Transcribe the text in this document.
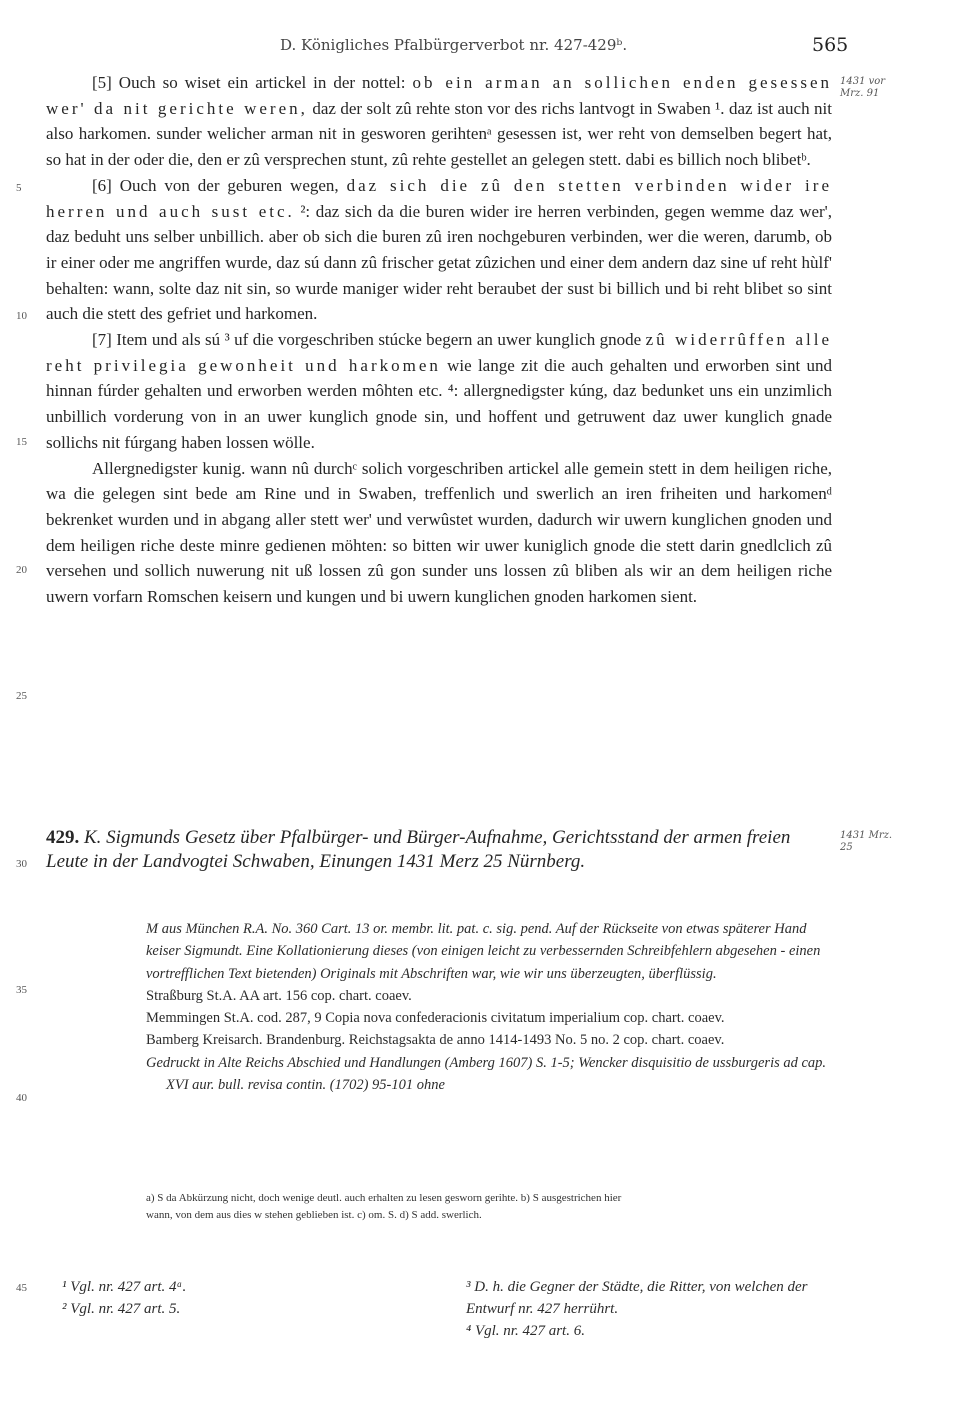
D. Königliches Pfalbürgerverbot nr. 427-429ᵇ.	565
1431 vor Mrz. 91
1431 Mrz. 25
5
10
15
20
25
30
35
40
45

[5] Ouch so wiset ein artickel in der nottel: ob ein arman an sollichen enden gesessen wer' da nit gerichte weren, daz der solt zû rehte ston vor des richs lantvogt in Swaben ¹. daz ist auch nit also harkomen. sunder welicher arman nit in gesworen gerihtenᵃ gesessen ist, wer reht von demselben begert hat, so hat in der oder die, den er zû versprechen stunt, zû rehte gestellet an gelegen stett. dabi es billich noch blibetᵇ.

[6] Ouch von der geburen wegen, daz sich die zû den stetten verbinden wider ire herren und auch sust etc. ²: daz sich da die buren wider ire herren verbinden, gegen wemme daz wer', daz beduht uns selber unbillich. aber ob sich die buren zû iren nochgeburen verbinden, wer die weren, darumb, ob ir einer oder me angriffen wurde, daz sú dann zû frischer getat zûzichen und einer dem andern daz sine uf reht hùlf' behalten: wann, solte daz nit sin, so wurde maniger wider reht beraubet der sust bi billich und bi reht blibet so sint auch die stett des gefriet und harkomen.

[7] Item und als sú ³ uf die vorgeschriben stúcke begern an uwer kunglich gnode zû widerrûffen alle reht privilegia gewonheit und harkomen wie lange zit die auch gehalten und erworben sint und hinnan fúrder gehalten und erworben werden môhten etc. ⁴: allergnedigster kúng, daz bedunket uns ein unzimlich unbillich vorderung von in an uwer kunglich gnode sin, und hoffent und getruwent daz uwer kunglich gnade sollichs nit fúrgang haben lossen wölle.

Allergnedigster kunig. wann nû durchᶜ solich vorgeschriben artickel alle gemein stett in dem heiligen riche, wa die gelegen sint bede am Rine und in Swaben, treffenlich und swerlich an iren friheiten und harkomenᵈ bekrenket wurden und in abgang aller stett wer' und verwûstet wurden, dadurch wir uwern kunglichen gnoden und dem heiligen riche deste minre gedienen möhten: so bitten wir uwer kuniglich gnode die stett darin gnedlclich zû versehen und sollich nuwerung nit uß lossen zû gon sunder uns lossen zû bliben als wir an dem heiligen riche uwern vorfarn Romschen keisern und kungen und bi uwern kunglichen gnoden harkomen sient.

429. K. Sigmunds Gesetz über Pfalbürger- und Bürger-Aufnahme, Gerichtsstand der armen freien Leute in der Landvogtei Schwaben, Einungen 1431 Merz 25 Nürnberg.

M aus München R.A. No. 360 Cart. 13 or. membr. lit. pat. c. sig. pend. Auf der Rückseite von etwas späterer Hand keiser Sigmundt. Eine Kollationierung dieses (von einigen leicht zu verbessernden Schreibfehlern abgesehen - einen vortrefflichen Text bietenden) Originals mit Abschriften war, wie wir uns überzeugten, überflüssig.

Straßburg St.A. AA art. 156 cop. chart. coaev.

Memmingen St.A. cod. 287, 9 Copia nova confederacionis civitatum imperialium cop. chart. coaev.

Bamberg Kreisarch. Brandenburg. Reichstagsakta de anno 1414-1493 No. 5 no. 2 cop. chart. coaev.

Gedruckt in Alte Reichs Abschied und Handlungen (Amberg 1607) S. 1-5; Wencker disquisitio de ussburgeris ad cap. XVI aur. bull. revisa contin. (1702) 95-101 ohne

a) S da Abkürzung nicht, doch wenige deutl. auch erhalten zu lesen gesworn gerihte. b) S ausgestrichen hier

wann, von dem aus dies w stehen geblieben ist. c) om. S. d) S add. swerlich.

¹ Vgl. nr. 427 art. 4ᵃ.

² Vgl. nr. 427 art. 5.

³ D. h. die Gegner der Städte, die Ritter, von welchen der Entwurf nr. 427 herrührt.

⁴ Vgl. nr. 427 art. 6.
